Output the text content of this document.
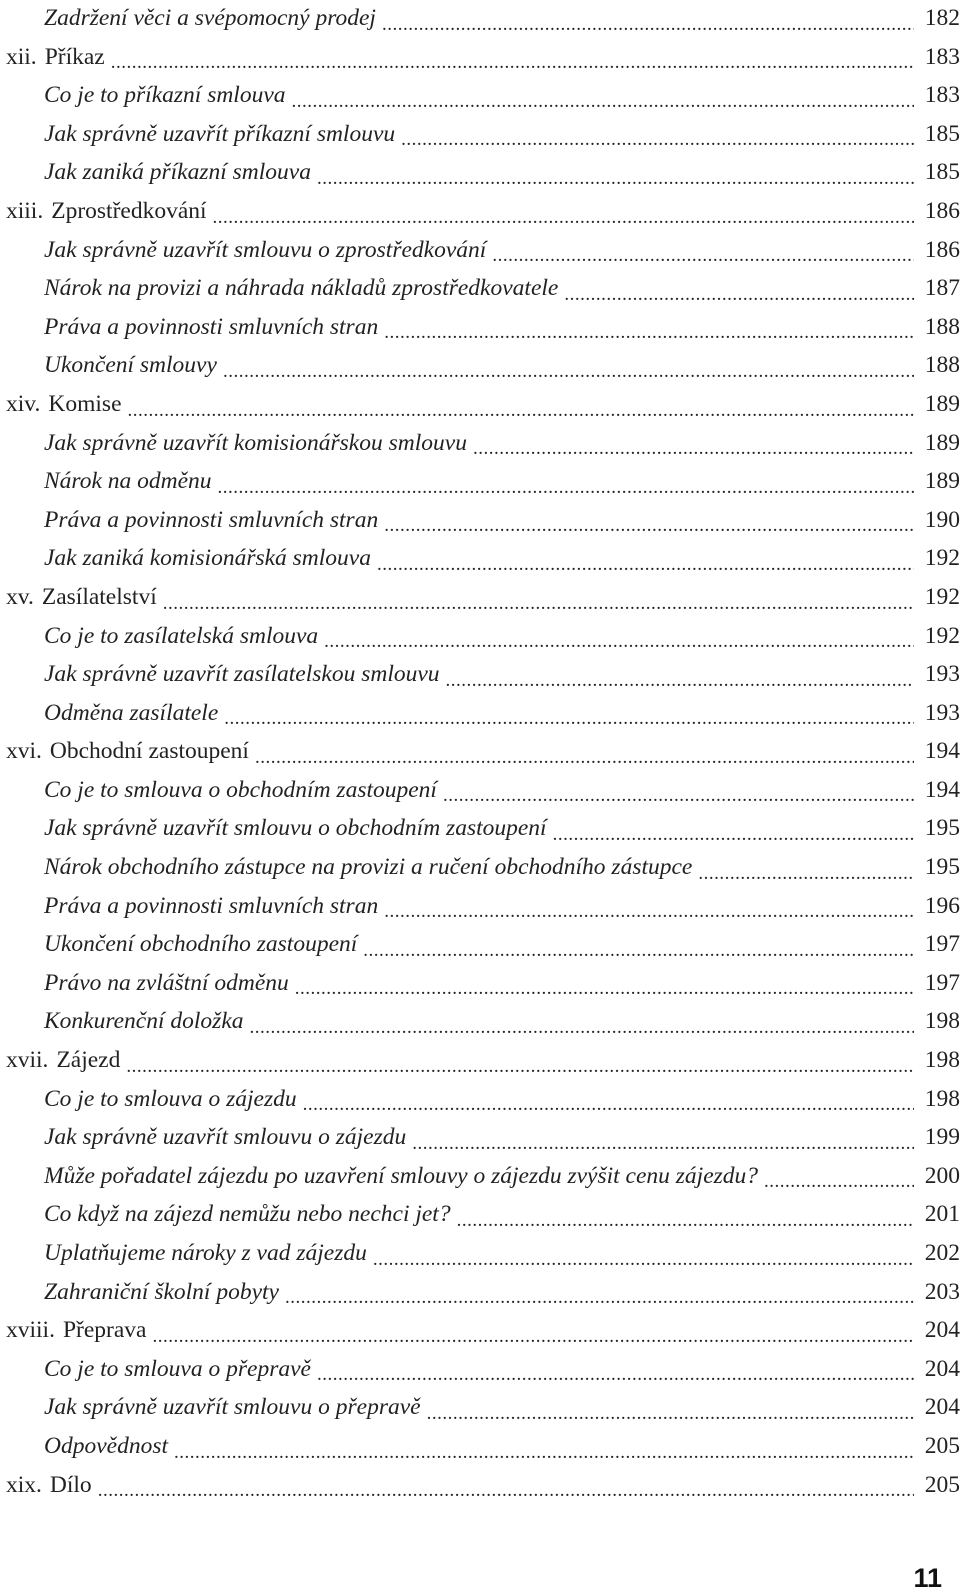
Zadržení věci a svépomocný prodej .....	182
xii. Příkaz .....	183
Co je to příkazní smlouva .....	183
Jak správně uzavřít příkazní smlouvu .....	185
Jak zaniká příkazní smlouva .....	185
xiii. Zprostředkování .....	186
Jak správně uzavřít smlouvu o zprostředkování .....	186
Nárok na provizi a náhrada nákladů zprostředkovatele .....	187
Práva a povinnosti smluvních stran .....	188
Ukončení smlouvy .....	188
xiv. Komise .....	189
Jak správně uzavřít komisionářskou smlouvu .....	189
Nárok na odměnu .....	189
Práva a povinnosti smluvních stran .....	190
Jak zaniká komisionářská smlouva .....	192
xv. Zasílatelství .....	192
Co je to zasílatelská smlouva .....	192
Jak správně uzavřít zasílatelskou smlouvu .....	193
Odměna zasílatele .....	193
xvi. Obchodní zastoupení .....	194
Co je to smlouva o obchodním zastoupení .....	194
Jak správně uzavřít smlouvu o obchodním zastoupení .....	195
Nárok obchodního zástupce na provizi a ručení obchodního zástupce .....	195
Práva a povinnosti smluvních stran .....	196
Ukončení obchodního zastoupení .....	197
Právo na zvláštní odměnu .....	197
Konkurenční doložka .....	198
xvii. Zájezd .....	198
Co je to smlouva o zájezdu .....	198
Jak správně uzavřít smlouvu o zájezdu .....	199
Může pořadatel zájezdu po uzavření smlouvy o zájezdu zvýšit cenu zájezdu? .....	200
Co když na zájezd nemůžu nebo nechci jet? .....	201
Uplatňujeme nároky z vad zájezdu .....	202
Zahraniční školní pobyty .....	203
xviii. Přeprava .....	204
Co je to smlouva o přepravě .....	204
Jak správně uzavřít smlouvu o přepravě .....	204
Odpovědnost .....	205
xix. Dílo .....	205
11
